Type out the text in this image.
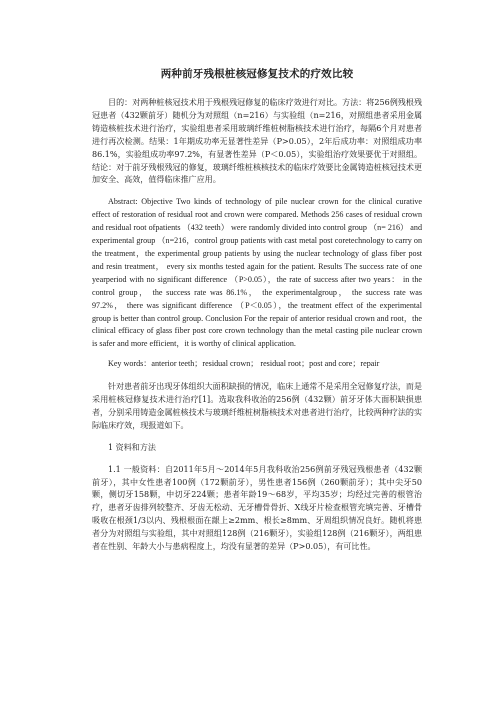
两种前牙残根桩核冠修复技术的疗效比较

目的：对两种桩核冠技术用于残根残冠修复的临床疗效进行对比。方法：将256例残根残冠患者（432颗前牙）随机分为对照组（n=216）与实验组（n=216，对照组患者采用金属铸造核桩技术进行治疗，实验组患者采用玻璃纤维桩树脂核技术进行治疗，每隔6个月对患者进行再次检测。结果：1年期成功率无显著性差异（P>0.05），2年后成功率：对照组成功率86.1%，实验组成功率97.2%，有显著性差异（P＜0.05），实验组治疗效果要优于对照组。结论：对于前牙残根残冠的修复，玻璃纤维桩核核技术的临床疗效要比金属铸造桩核冠技术更加安全、高效，值得临床推广应用。

Abstract: Objective Two kinds of technology of pile nuclear crown for the clinical curative effect of restoration of residual root and crown were compared. Methods 256 cases of residual crown and residual root ofpatients （432 teeth） were randomly divided into control group （n= 216） and experimental group （n=216，control group patients with cast metal post coretechnology to carry on the treatment，the experimental group patients by using the nuclear technology of glass fiber post and resin treatment， every six months tested again for the patient. Results The success rate of one yearperiod with no significant difference （P>0.05），the rate of success after two years： in the control group， the success rate was 86.1%， the experimentalgroup， the success rate was 97.2%， there was significant difference （P＜0.05），the treatment effect of the experimental group is better than control group. Conclusion For the repair of anterior residual crown and root，the clinical efficacy of glass fiber post core crown technology than the metal casting pile nuclear crown is safer and more efficient，it is worthy of clinical application.

Key words：anterior teeth；residual crown； residual root；post and core；repair

针对患者前牙出现牙体组织大面积缺损的情况，临床上通常不是采用全冠修复疗法，而是采用桩核冠修复技术进行治疗[1]。选取我科收治的256例（432颗）前牙牙体大面积缺损患者，分别采用铸造金属桩核技术与玻璃纤维桩树脂核技术对患者进行治疗，比较两种疗法的实际临床疗效，现报道如下。

1 资料和方法

1.1 一般资料：自2011年5月～2014年5月我科收治256例前牙残冠残根患者（432颗前牙），其中女性患者100例（172颗前牙），男性患者156例（260颗前牙）；其中尖牙50颗，侧切牙158颗，中切牙224颗；患者年龄19～68岁，平均35岁；均经过完善的根管治疗，患者牙齿排列较整齐、牙齿无松动、无牙槽骨骨折、X线牙片检查根管充填完善、牙槽骨吸收在根颈1/3以内、残根根面在龈上≥2mm、根长≥8mm、牙周组织情况良好。随机将患者分为对照组与实验组，其中对照组128例（216颗牙），实验组128例（216颗牙），两组患者在性别、年龄大小与患病程度上，均没有显著的差异（P>0.05），有可比性。
